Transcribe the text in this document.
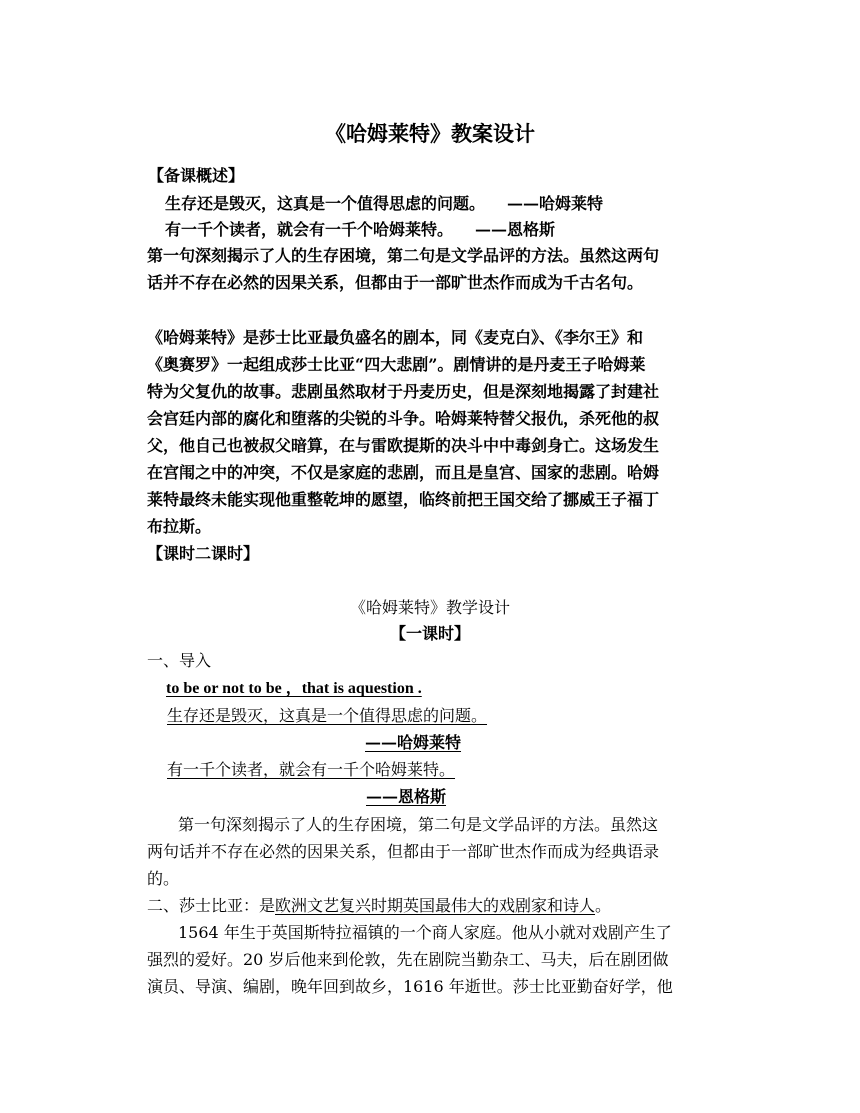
《哈姆莱特》教案设计
【备课概述】
生存还是毁灭，这真是一个值得思虑的问题。 ——哈姆莱特
有一千个读者，就会有一千个哈姆莱特。 ——恩格斯
第一句深刻揭示了人的生存困境，第二句是文学品评的方法。虽然这两句
话并不存在必然的因果关系，但都由于一部旷世杰作而成为千古名句。
《哈姆莱特》是莎士比亚最负盛名的剧本，同《麦克白》、《李尔王》和
《奥赛罗》一起组成莎士比亚“四大悲剧”。剧情讲的是丹麦王子哈姆莱
特为父复仇的故事。悲剧虽然取材于丹麦历史，但是深刻地揭露了封建社
会宫廷内部的腐化和堕落的尖锐的斗争。哈姆莱特替父报仇，杀死他的叔
父，他自己也被叔父暗算，在与雷欧提斯的决斗中中毒剑身亡。这场发生
在宫闱之中的冲突，不仅是家庭的悲剧，而且是皇宫、国家的悲剧。哈姆
莱特最终未能实现他重整乾坤的愿望，临终前把王国交给了挪威王子福丁
布拉斯。
【课时二课时】
《哈姆莱特》教学设计
【一课时】
一、导入
to be or not to be ，that is aquestion .
生存还是毁灭，这真是一个值得思虑的问题。
——哈姆莱特
有一千个读者，就会有一千个哈姆莱特。
——恩格斯
第一句深刻揭示了人的生存困境，第二句是文学品评的方法。虽然这
两句话并不存在必然的因果关系，但都由于一部旷世杰作而成为经典语录
的。
二、莎士比亚：是欧洲文艺复兴时期英国最伟大的戏剧家和诗人。
1564 年生于英国斯特拉福镇的一个商人家庭。他从小就对戏剧产生了
强烈的爱好。20 岁后他来到伦敦，先在剧院当勤杂工、马夫，后在剧团做
演员、导演、编剧，晚年回到故乡，1616 年逝世。莎士比亚勤奋好学，他
